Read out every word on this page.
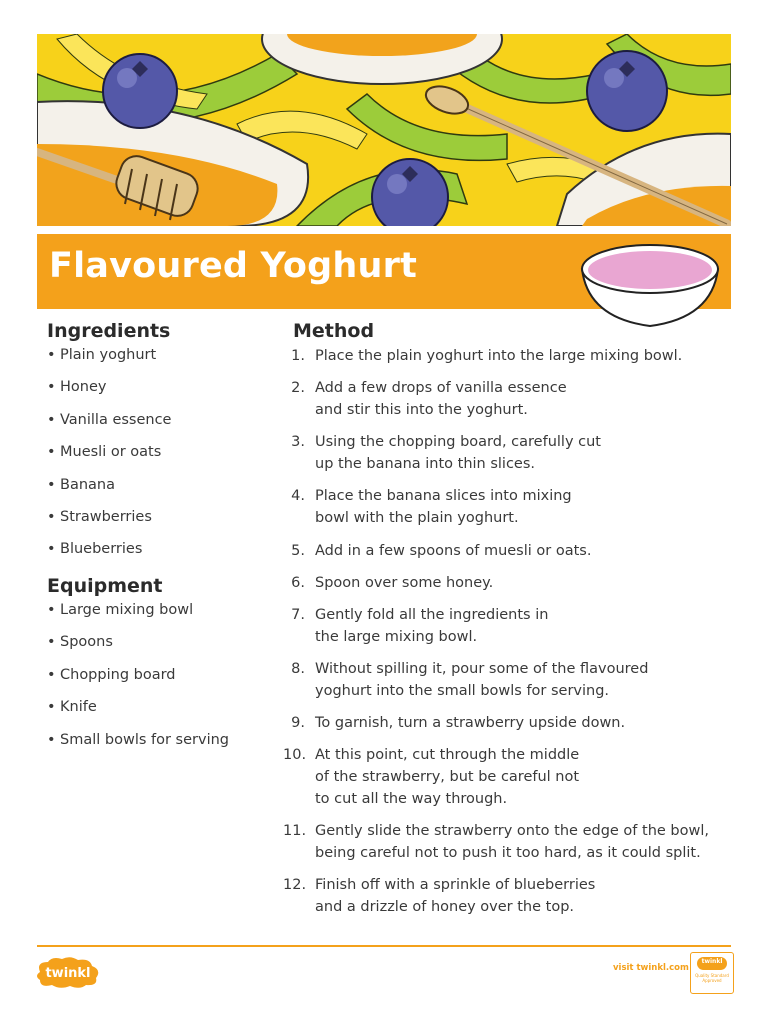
Flavoured Yoghurt
Ingredients
• Plain yoghurt
• Honey
• Vanilla essence
• Muesli or oats
• Banana
• Strawberries
• Blueberries
Equipment
• Large mixing bowl
• Spoons
• Chopping board
• Knife
• Small bowls for serving
Method
1. Place the plain yoghurt into the large mixing bowl.
2. Add a few drops of vanilla essence
and stir this into the yoghurt.
3. Using the chopping board, carefully cut
up the banana into thin slices.
4. Place the banana slices into mixing
bowl with the plain yoghurt.
5. Add in a few spoons of muesli or oats.
6. Spoon over some honey.
7. Gently fold all the ingredients in
the large mixing bowl.
8. Without spilling it, pour some of the flavoured
yoghurt into the small bowls for serving.
9. To garnish, turn a strawberry upside down.
10. At this point, cut through the middle
of the strawberry, but be careful not
to cut all the way through.
11. Gently slide the strawberry onto the edge of the bowl,
being careful not to push it too hard, as it could split.
12. Finish off with a sprinkle of blueberries
and a drizzle of honey over the top.
twinkl	visit twinkl.com
twinkl
Quality Standard Approved
